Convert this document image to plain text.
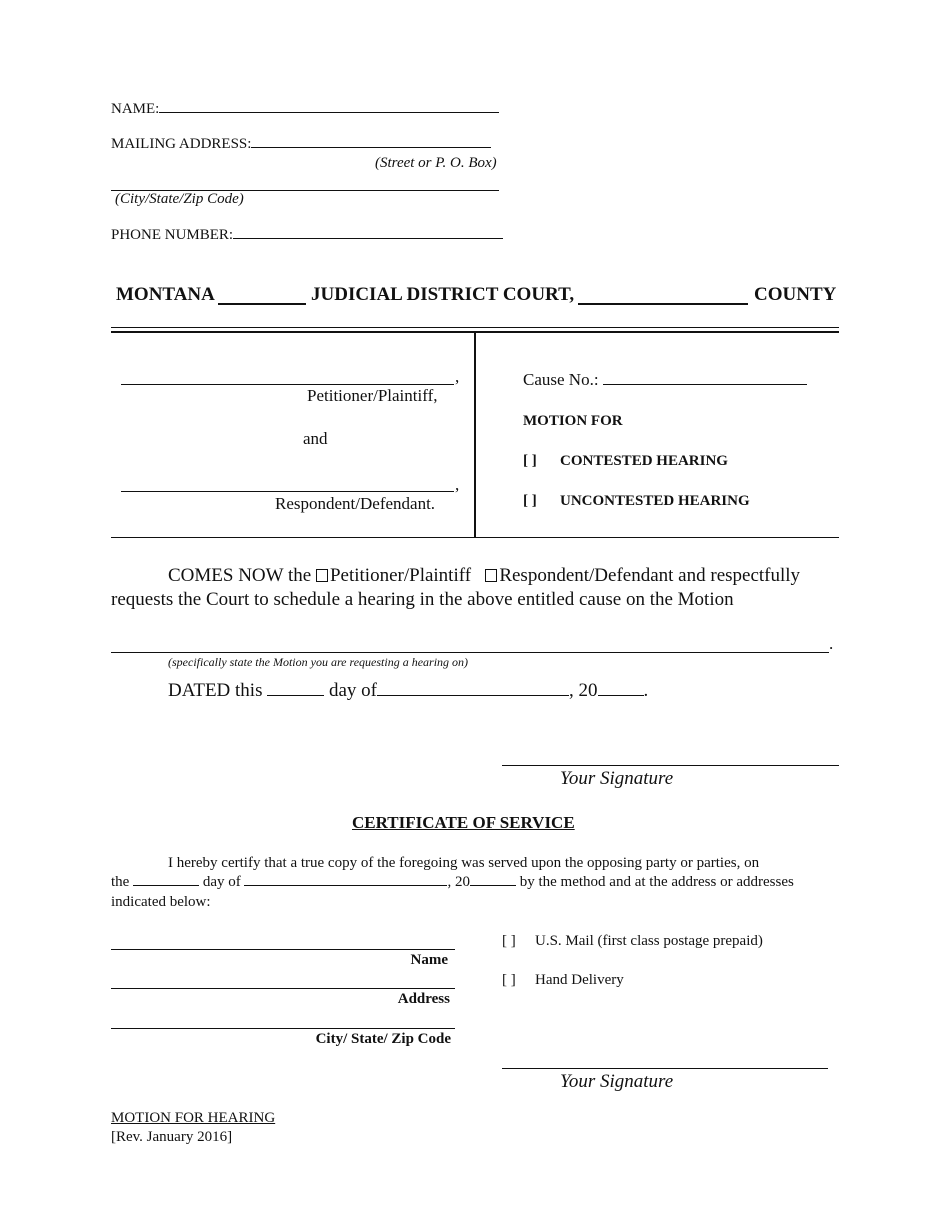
NAME:
MAILING ADDRESS:
(Street or P. O. Box)
(City/State/Zip Code)
PHONE NUMBER:
MONTANA	JUDICIAL DISTRICT COURT,	COUNTY
,
Petitioner/Plaintiff,
and
,
Respondent/Defendant.
Cause No.:
MOTION FOR
[ ] CONTESTED HEARING
[ ] UNCONTESTED HEARING
COMES NOW the Petitioner/Plaintiff Respondent/Defendant and respectfully
requests the Court to schedule a hearing in the above entitled cause on the Motion
.
(specifically state the Motion you are requesting a hearing on)
DATED this	day of	, 20 .
Your Signature
CERTIFICATE OF SERVICE
I hereby certify that a true copy of the foregoing was served upon the opposing party or parties, on
the	day of	, 20	by the method and at the address or addresses
indicated below:
Name
Address
City/ State/ Zip Code
[ ] U.S. Mail (first class postage prepaid)
[ ] Hand Delivery
Your Signature
MOTION FOR HEARING
[Rev. January 2016]
